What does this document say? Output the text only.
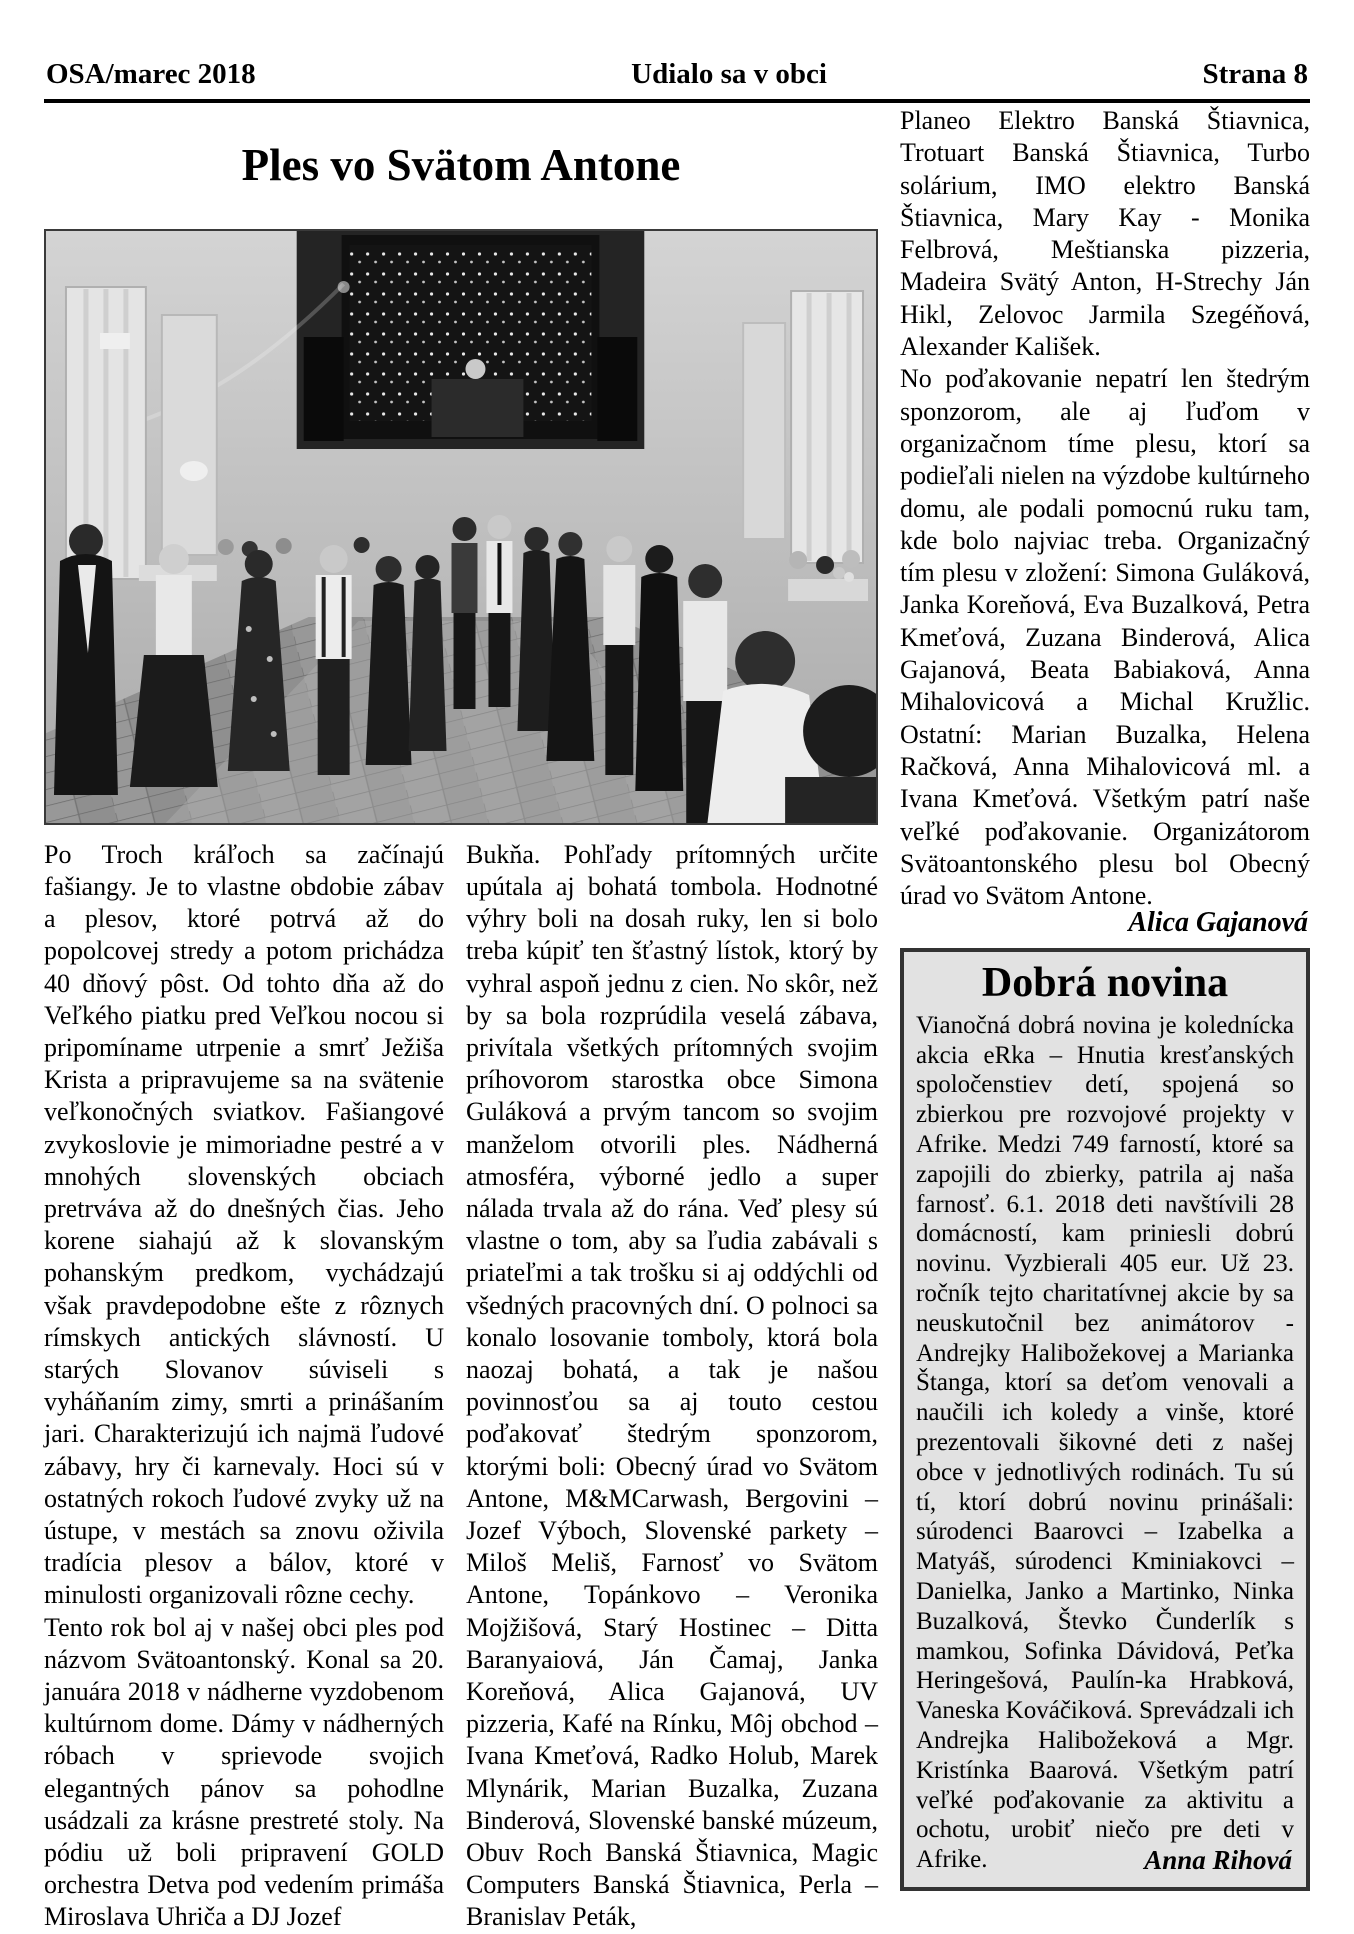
OSA/marec 2018	Udialo sa v obci	Strana 8
Ples vo Svätom Antone

Po Troch kráľoch sa začínajú fašiangy. Je to vlastne obdobie zábav a plesov, ktoré potrvá až do popolcovej stredy a potom prichádza 40 dňový pôst. Od tohto dňa až do Veľkého piatku pred Veľkou nocou si pripomíname utrpenie a smrť Ježiša Krista a pripravujeme sa na svätenie veľkonočných sviatkov. Fašiangové zvykoslovie je mimoriadne pestré a v mnohých slovenských obciach pretrváva až do dnešných čias. Jeho korene siahajú až k slovanským pohanským predkom, vychádzajú však pravdepodobne ešte z rôznych rímskych antických slávností. U starých Slovanov súviseli s vyháňaním zimy, smrti a prinášaním jari. Charakterizujú ich najmä ľudové zábavy, hry či karnevaly. Hoci sú v ostatných rokoch ľudové zvyky už na ústupe, v mestách sa znovu oživila tradícia plesov a bálov, ktoré v minulosti organizovali rôzne cechy.

Tento rok bol aj v našej obci ples pod názvom Svätoantonský. Konal sa 20. januára 2018 v nádherne vyzdobenom kultúrnom dome. Dámy v nádherných róbach v sprievode svojich elegantných pánov sa pohodlne usádzali za krásne prestreté stoly. Na pódiu už boli pripravení GOLD orchestra Detva pod vedením primáša Miroslava Uhriča a DJ Jozef

Bukňa. Pohľady prítomných určite upútala aj bohatá tombola. Hodnotné výhry boli na dosah ruky, len si bolo treba kúpiť ten šťastný lístok, ktorý by vyhral aspoň jednu z cien. No skôr, než by sa bola rozprúdila veselá zábava, privítala všetkých prítomných svojim príhovorom starostka obce Simona Guláková a prvým tancom so svojim manželom otvorili ples. Nádherná atmosféra, výborné jedlo a super nálada trvala až do rána. Veď plesy sú vlastne o tom, aby sa ľudia zabávali s priateľmi a tak trošku si aj oddýchli od všedných pracovných dní. O polnoci sa konalo losovanie tomboly, ktorá bola naozaj bohatá, a tak je našou povinnosťou sa aj touto cestou poďakovať štedrým sponzorom, ktorými boli: Obecný úrad vo Svätom Antone, M&MCarwash, Bergovini – Jozef Výboch, Slovenské parkety – Miloš Meliš, Farnosť vo Svätom Antone, Topánkovo – Veronika Mojžišová, Starý Hostinec – Ditta Baranyaiová, Ján Čamaj, Janka Koreňová, Alica Gajanová, UV pizzeria, Kafé na Rínku, Môj obchod – Ivana Kmeťová, Radko Holub, Marek Mlynárik, Marian Buzalka, Zuzana Binderová, Slovenské banské múzeum, Obuv Roch Banská Štiavnica, Magic Computers Banská Štiavnica, Perla – Branislav Peták,

Planeo Elektro Banská Štiavnica, Trotuart Banská Štiavnica, Turbo solárium, IMO elektro Banská Štiavnica, Mary Kay - Monika Felbrová, Meštianska pizzeria, Madeira Svätý Anton, H-Strechy Ján Hikl, Zelovoc Jarmila Szegéňová, Alexander Kališek.

No poďakovanie nepatrí len štedrým sponzorom, ale aj ľuďom v organizačnom tíme plesu, ktorí sa podieľali nielen na výzdobe kultúrneho domu, ale podali pomocnú ruku tam, kde bolo najviac treba. Organizačný tím plesu v zložení: Simona Guláková, Janka Koreňová, Eva Buzalková, Petra Kmeťová, Zuzana Binderová, Alica Gajanová, Beata Babiaková, Anna Mihalovicová a Michal Kružlic. Ostatní: Marian Buzalka, Helena Račková, Anna Mihalovicová ml. a Ivana Kmeťová. Všetkým patrí naše veľké poďakovanie. Organizátorom Svätoantonského plesu bol Obecný úrad vo Svätom Antone.

Alica Gajanová
Dobrá novina

Vianočná dobrá novina je kolednícka akcia eRka – Hnutia kresťanských spoločenstiev detí, spojená so zbierkou pre rozvojové projekty v Afrike. Medzi 749 farností, ktoré sa zapojili do zbierky, patrila aj naša farnosť. 6.1. 2018 deti navštívili 28 domácností, kam priniesli dobrú novinu. Vyzbierali 405 eur. Už 23. ročník tejto charitatívnej akcie by sa neuskutočnil bez animátorov - Andrejky Halibožekovej a Marianka Štanga, ktorí sa deťom venovali a naučili ich koledy a vinše, ktoré prezentovali šikovné deti z našej obce v jednotlivých rodinách. Tu sú tí, ktorí dobrú novinu prinášali: súrodenci Baarovci – Izabelka a Matyáš, súrodenci Kminiakovci – Danielka, Janko a Martinko, Ninka Buzalková, Števko Čunderlík s mamkou, Sofinka Dávidová, Peťka Heringešová, Paulín-ka Hrabková, Vaneska Kováčiková. Sprevádzali ich Andrejka Halibožeková a Mgr. Kristínka Baarová. Všetkým patrí veľké poďakovanie za aktivitu a ochotu, urobiť niečo pre deti v Afrike.	Anna Rihová
